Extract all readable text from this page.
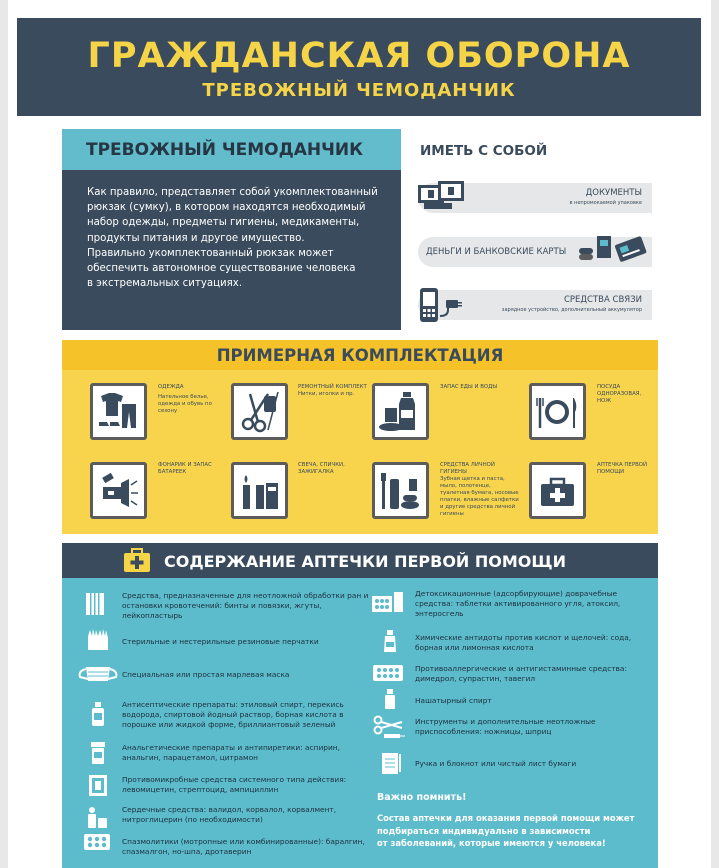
ГРАЖДАНСКАЯ ОБОРОНА
ТРЕВОЖНЫЙ ЧЕМОДАНЧИК
ТРЕВОЖНЫЙ ЧЕМОДАНЧИК
Как правило, представляет собой укомплектованный
рюкзак (сумку), в котором находятся необходимый
набор одежды, предметы гигиены, медикаменты,
продукты питания и другое имущество.
Правильно укомплектованный рюкзак может
обеспечить автономное существование человека
в экстремальных ситуациях.
ИМЕТЬ С СОБОЙ
ДОКУМЕНТЫ
в непромокаемой упаковке
ДЕНЬГИ И БАНКОВСКИЕ КАРТЫ
СРЕДСТВА СВЯЗИ
зарядное устройство, дополнительный аккумулятор
ПРИМЕРНАЯ КОМПЛЕКТАЦИЯ
ОДЕЖДА
Нательное белье, одежда и обувь по сезону
РЕМОНТНЫЙ КОМПЛЕКТ
Нитки, иголки и пр.
ЗАПАС ЕДЫ И ВОДЫ	ПОСУДА ОДНОРАЗОВАЯ, НОЖ
ФОНАРИК И ЗАПАС БАТАРЕЕК
СВЕЧА, СПИЧКИ, ЗАЖИГАЛКА
СРЕДСТВА ЛИЧНОЙ ГИГИЕНЫ
Зубная щетка и паста, мыло, полотенце, туалетная бумага, носовые платки, влажные салфетки и другие средства личной гигиены
АПТЕЧКА ПЕРВОЙ ПОМОЩИ
СОДЕРЖАНИЕ АПТЕЧКИ ПЕРВОЙ ПОМОЩИ
Средства, предназначенные для неотложной обработки ран и остановки кровотечений: бинты и повязки, жгуты, лейкопластырь
Стерильные и нестерильные резиновые перчатки
Специальная или простая марлевая маска
Антисептические препараты: этиловый спирт, перекись водорода, спиртовой йодный раствор, борная кислота в порошке или жидкой форме, бриллиантовый зеленый
Анальгетические препараты и антипиретики: аспирин, анальгин, парацетамол, цитрамон
Противомикробные средства системного типа действия: левомицетин, стрептоцид, ампициллин
Сердечные средства: валидол, корвалол, корвалмент, нитроглицерин (по необходимости)
Спазмолитики (мотропные или комбинированные): баралгин, спазмалгон, но-шпа, дротаверин
Детоксикационные (адсорбирующие) доврачебные средства: таблетки активированного угля, атоксил, энтеросгель
Химические антидоты против кислот и щелочей: сода, борная или лимонная кислота
Противоаллергические и антигистаминные средства: димедрол, супрастин, тавегил
Нашатырный спирт
Инструменты и дополнительные неотложные приспособления: ножницы, шприц
Ручка и блокнот или чистый лист бумаги
Важно помнить!
Состав аптечки для оказания первой помощи может
подбираться индивидуально в зависимости
от заболеваний, которые имеются у человека!
